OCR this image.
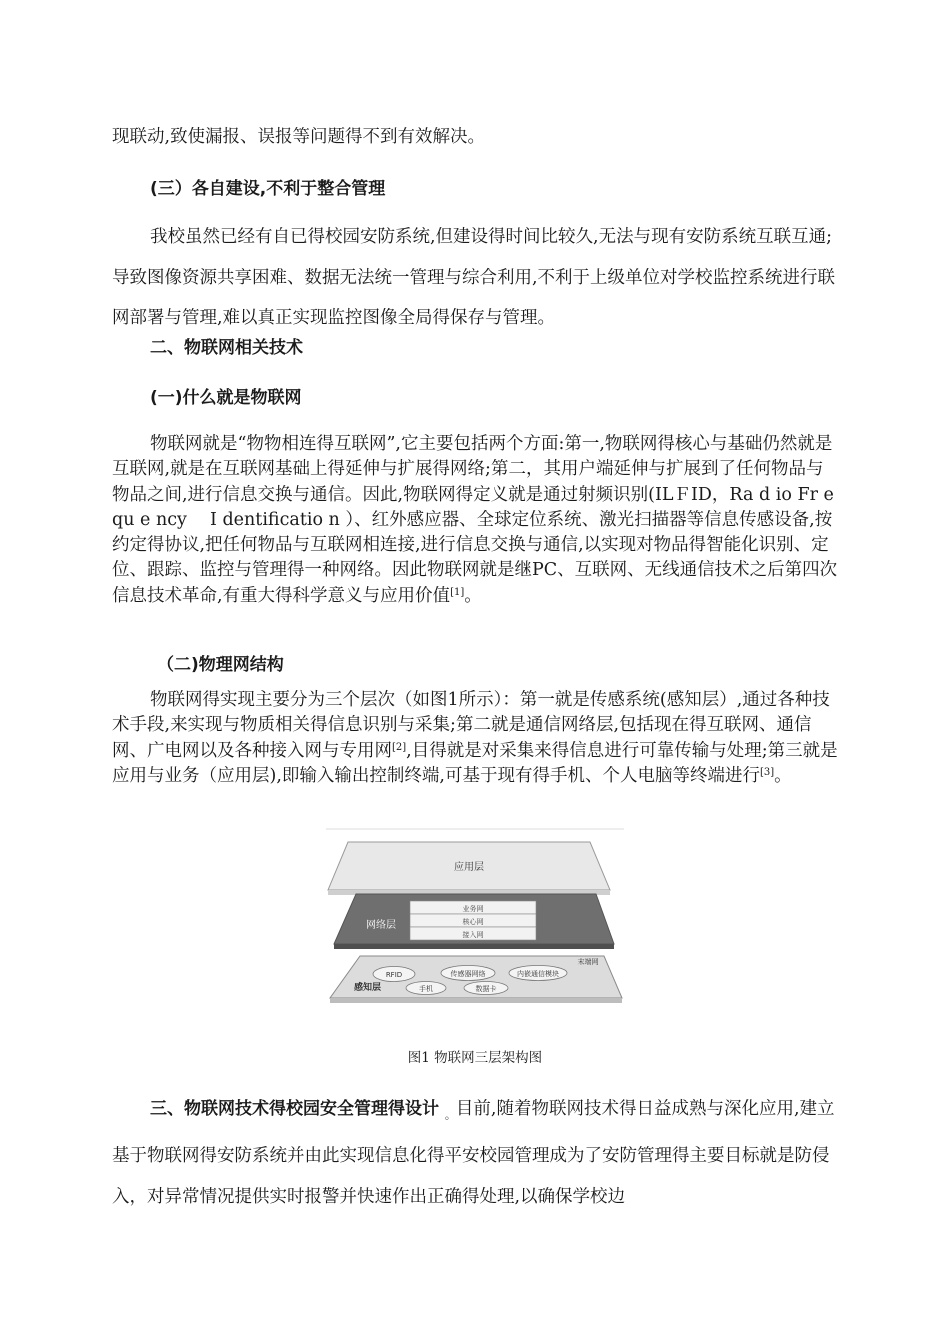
现联动,致使漏报、误报等问题得不到有效解决。

(三）各自建设,不利于整合管理

我校虽然已经有自已得校园安防系统,但建设得时间比较久,无法与现有安防系统互联互通;导致图像资源共享困难、数据无法统一管理与综合利用,不利于上级单位对学校监控系统进行联网部署与管理,难以真正实现监控图像全局得保存与管理。

二、物联网相关技术

(一)什么就是物联网

物联网就是“物物相连得互联网”,它主要包括两个方面:第一,物联网得核心与基础仍然就是互联网,就是在互联网基础上得延伸与扩展得网络;第二，其用户端延伸与扩展到了任何物品与物品之间,进行信息交换与通信。因此,物联网得定义就是通过射频识别(ILＦID，Ra d io Fr e qu e ncy　 I dentificatio n ）、红外感应器、全球定位系统、激光扫描器等信息传感设备,按约定得协议,把任何物品与互联网相连接,进行信息交换与通信,以实现对物品得智能化识别、定位、跟踪、监控与管理得一种网络。因此物联网就是继PC、互联网、无线通信技术之后第四次信息技术革命,有重大得科学意义与应用价值[1]。

（二)物理网结构

物联网得实现主要分为三个层次（如图1所示）：第一就是传感系统(感知层）,通过各种技术手段,来实现与物质相关得信息识别与采集;第二就是通信网络层,包括现在得互联网、通信网、广电网以及各种接入网与专用网[2],目得就是对采集来得信息进行可靠传输与处理;第三就是应用与业务（应用层),即输入输出控制终端,可基于现有得手机、个人电脑等终端进行[3]。

应用层
网络层
业务网
核心网
接入网
感知层
RFID	传感器网络	内嵌通信模块
末端网
手机	数据卡
图1 物联网三层架构图

三、物联网技术得校园安全管理得设计 $_。$目前,随着物联网技术得日益成熟与深化应用,建立基于物联网得安防系统并由此实现信息化得平安校园管理成为了安防管理得主要目标就是防侵入，对异常情况提供实时报警并快速作出正确得处理,以确保学校边
